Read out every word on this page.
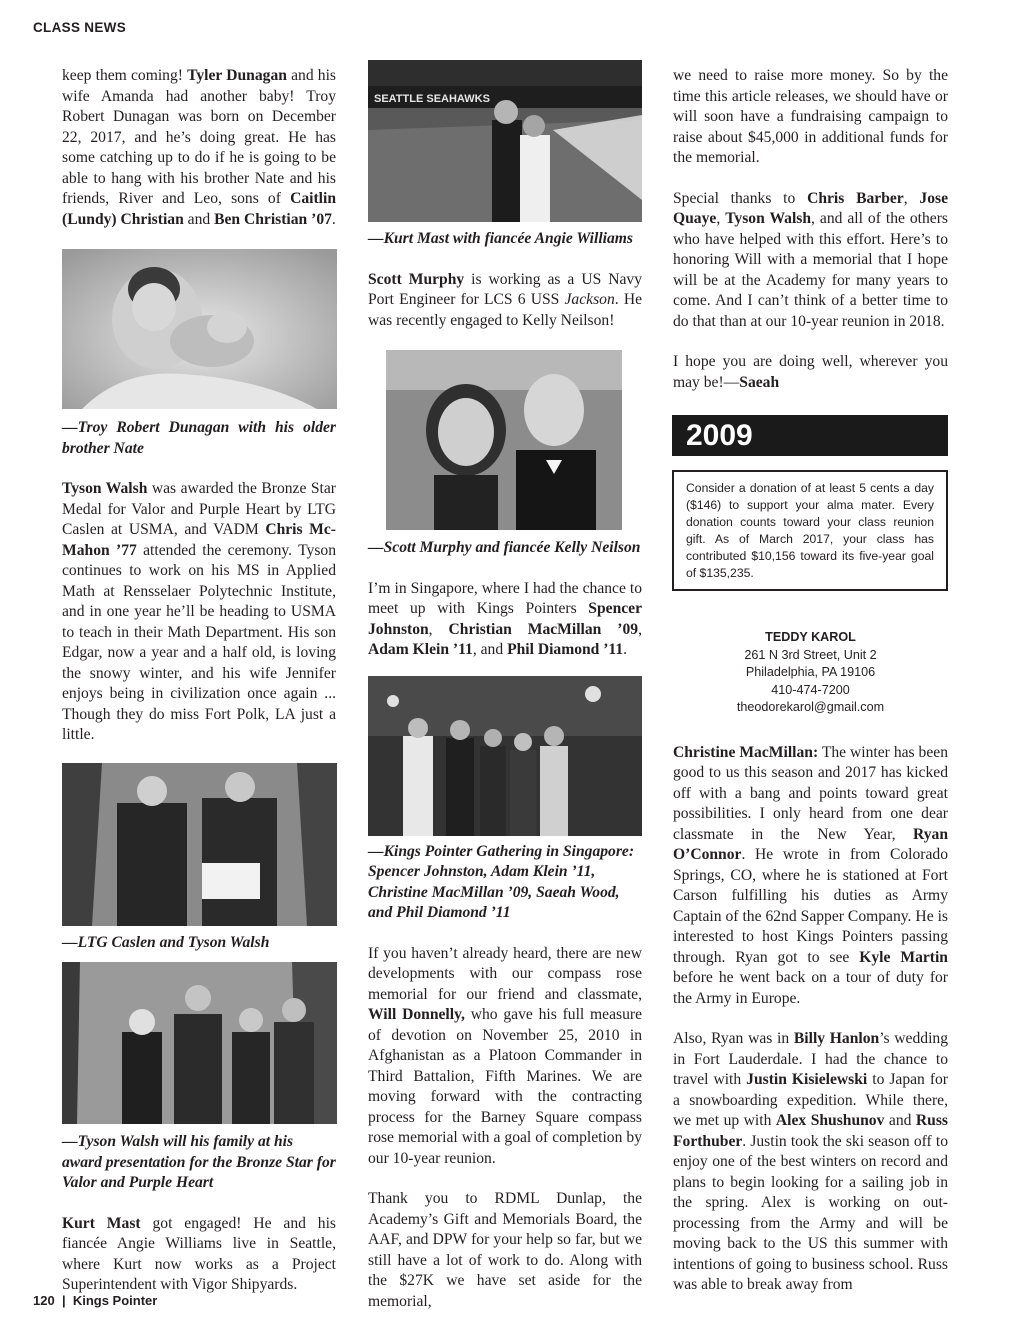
CLASS NEWS

keep them coming! Tyler Dunagan and his wife Amanda had another baby! Troy Robert Dunagan was born on December 22, 2017, and he’s doing great. He has some catching up to do if he is going to be able to hang with his brother Nate and his friends, River and Leo, sons of Caitlin (Lundy) Christian and Ben Christian ’07.

—Troy Robert Dunagan with his older brother Nate

Tyson Walsh was awarded the Bronze Star Medal for Valor and Purple Heart by LTG Caslen at USMA, and VADM Chris Mc-Mahon ’77 attended the ceremony. Tyson continues to work on his MS in Applied Math at Rensselaer Polytechnic Institute, and in one year he’ll be heading to USMA to teach in their Math Department. His son Edgar, now a year and a half old, is loving the snowy winter, and his wife Jennifer enjoys being in civilization once again ... Though they do miss Fort Polk, LA just a little.

—LTG Caslen and Tyson Walsh

—Tyson Walsh will his family at his award presentation for the Bronze Star for Valor and Purple Heart

Kurt Mast got engaged! He and his fiancée Angie Williams live in Seattle, where Kurt now works as a Project Superintendent with Vigor Shipyards.

SEATTLE SEAHAWKS

—Kurt Mast with fiancée Angie Williams

Scott Murphy is working as a US Navy Port Engineer for LCS 6 USS Jackson. He was recently engaged to Kelly Neilson!

—Scott Murphy and fiancée Kelly Neilson

I’m in Singapore, where I had the chance to meet up with Kings Pointers Spencer Johnston, Christian MacMillan ’09, Adam Klein ’11, and Phil Diamond ’11.

—Kings Pointer Gathering in Singapore: Spencer Johnston, Adam Klein ’11, Christine MacMillan ’09, Saeah Wood, and Phil Diamond ’11

If you haven’t already heard, there are new developments with our compass rose memorial for our friend and classmate, Will Donnelly, who gave his full measure of devotion on November 25, 2010 in Afghanistan as a Platoon Commander in Third Battalion, Fifth Marines. We are moving forward with the contracting process for the Barney Square compass rose memorial with a goal of completion by our 10-year reunion.

Thank you to RDML Dunlap, the Academy’s Gift and Memorials Board, the AAF, and DPW for your help so far, but we still have a lot of work to do. Along with the $27K we have set aside for the memorial,

we need to raise more money. So by the time this article releases, we should have or will soon have a fundraising campaign to raise about $45,000 in additional funds for the memorial.

Special thanks to Chris Barber, Jose Quaye, Tyson Walsh, and all of the others who have helped with this effort. Here’s to honoring Will with a memorial that I hope will be at the Academy for many years to come. And I can’t think of a better time to do that than at our 10-year reunion in 2018.

I hope you are doing well, wherever you may be!—Saeah

2009
Consider a donation of at least 5 cents a day ($146) to support your alma mater. Every donation counts toward your class reunion gift. As of March 2017, your class has contributed $10,156 toward its five-year goal of $135,235.
TEDDY KAROL
261 N 3rd Street, Unit 2
Philadelphia, PA 19106
410-474-7200
theodorekarol@gmail.com

Christine MacMillan: The winter has been good to us this season and 2017 has kicked off with a bang and points toward great possibilities. I only heard from one dear classmate in the New Year, Ryan O’Connor. He wrote in from Colorado Springs, CO, where he is stationed at Fort Carson fulfilling his duties as Army Captain of the 62nd Sapper Company. He is interested to host Kings Pointers passing through. Ryan got to see Kyle Martin before he went back on a tour of duty for the Army in Europe.

Also, Ryan was in Billy Hanlon’s wedding in Fort Lauderdale. I had the chance to travel with Justin Kisielewski to Japan for a snowboarding expedition. While there, we met up with Alex Shushunov and Russ Forthuber. Justin took the ski season off to enjoy one of the best winters on record and plans to begin looking for a sailing job in the spring. Alex is working on out-processing from the Army and will be moving back to the US this summer with intentions of going to business school. Russ was able to break away from

120 | Kings Pointer
